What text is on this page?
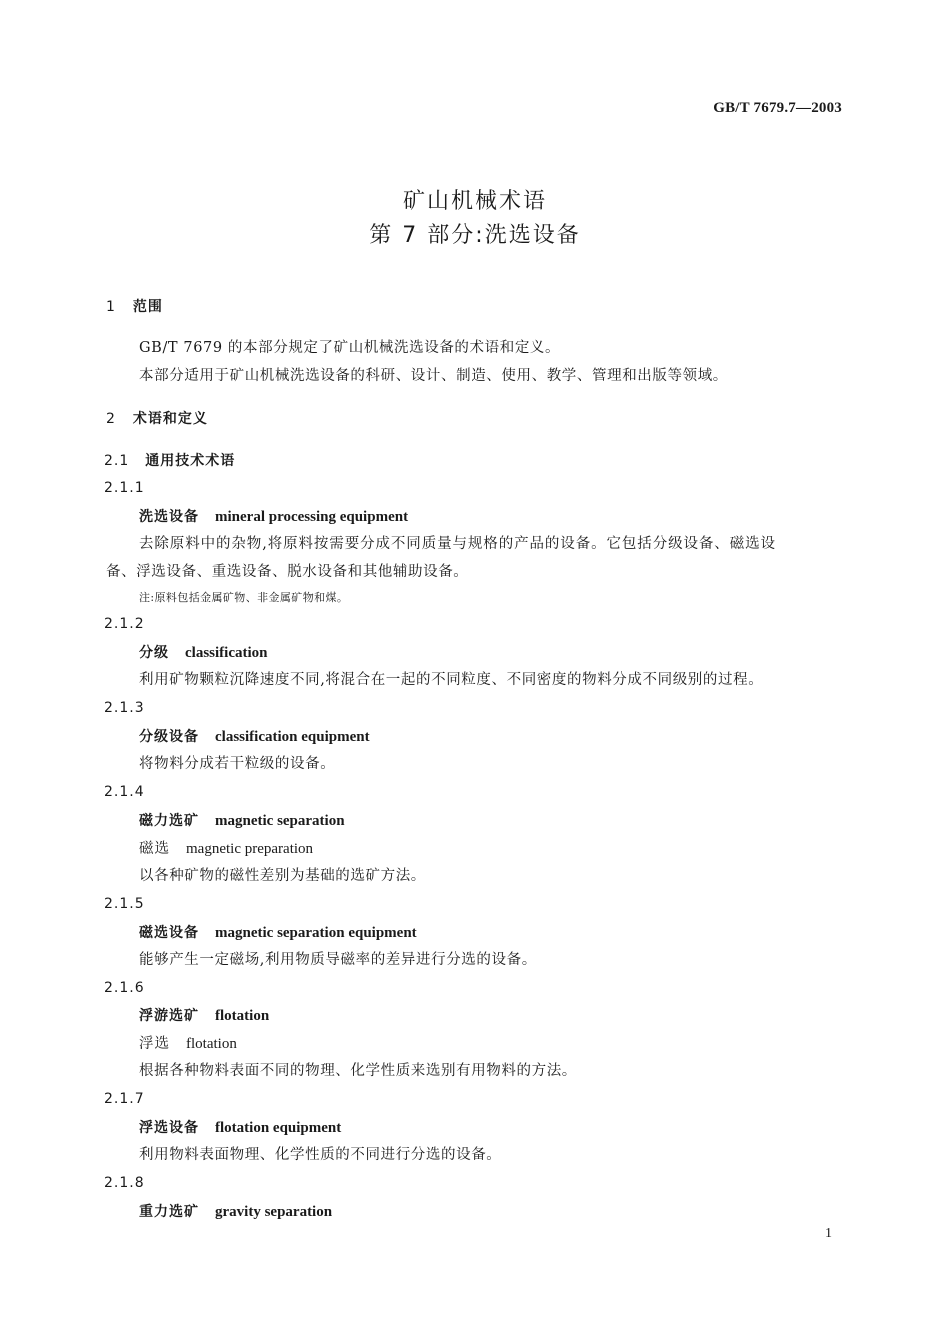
GB/T 7679.7—2003
矿山机械术语
第 7 部分:洗选设备
1 范围
GB/T 7679 的本部分规定了矿山机械洗选设备的术语和定义。
本部分适用于矿山机械洗选设备的科研、设计、制造、使用、教学、管理和出版等领域。
2 术语和定义
2.1 通用技术术语
2.1.1
洗选设备 mineral processing equipment
去除原料中的杂物,将原料按需要分成不同质量与规格的产品的设备。它包括分级设备、磁选设
备、浮选设备、重选设备、脱水设备和其他辅助设备。
注:原料包括金属矿物、非金属矿物和煤。
2.1.2
分级 classification
利用矿物颗粒沉降速度不同,将混合在一起的不同粒度、不同密度的物料分成不同级别的过程。
2.1.3
分级设备 classification equipment
将物料分成若干粒级的设备。
2.1.4
磁力选矿 magnetic separation
磁选 magnetic preparation
以各种矿物的磁性差别为基础的选矿方法。
2.1.5
磁选设备 magnetic separation equipment
能够产生一定磁场,利用物质导磁率的差异进行分选的设备。
2.1.6
浮游选矿 flotation
浮选 flotation
根据各种物料表面不同的物理、化学性质来选别有用物料的方法。
2.1.7
浮选设备 flotation equipment
利用物料表面物理、化学性质的不同进行分选的设备。
2.1.8
重力选矿 gravity separation
1
